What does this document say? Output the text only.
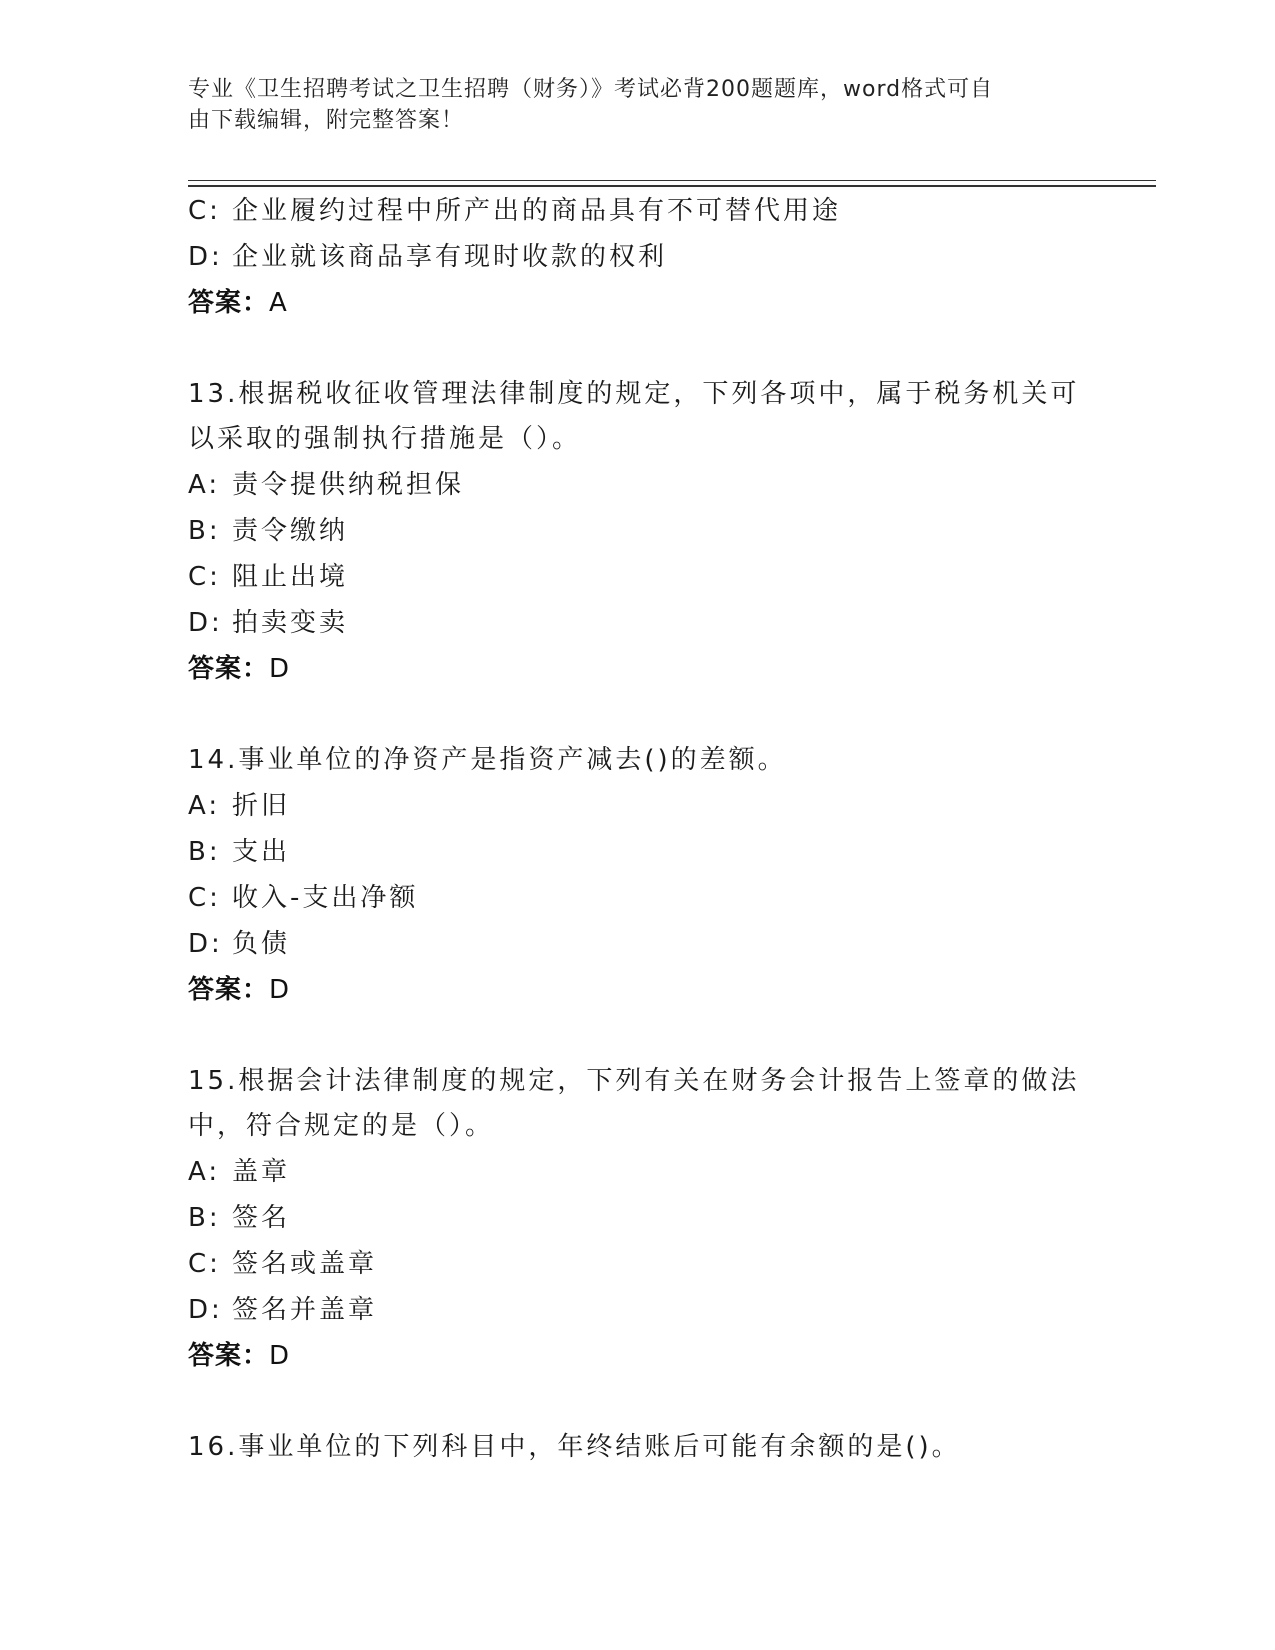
专业《卫生招聘考试之卫生招聘（财务）》考试必背200题题库，word格式可自
由下载编辑，附完整答案！
C: 企业履约过程中所产出的商品具有不可替代用途
D: 企业就该商品享有现时收款的权利
答案：A
13.根据税收征收管理法律制度的规定，下列各项中，属于税务机关可
以采取的强制执行措施是（）。
A: 责令提供纳税担保
B: 责令缴纳
C: 阻止出境
D: 拍卖变卖
答案：D
14.事业单位的净资产是指资产减去()的差额。
A: 折旧
B: 支出
C: 收入-支出净额
D: 负债
答案：D
15.根据会计法律制度的规定，下列有关在财务会计报告上签章的做法
中，符合规定的是（）。
A: 盖章
B: 签名
C: 签名或盖章
D: 签名并盖章
答案：D
16.事业单位的下列科目中，年终结账后可能有余额的是()。
